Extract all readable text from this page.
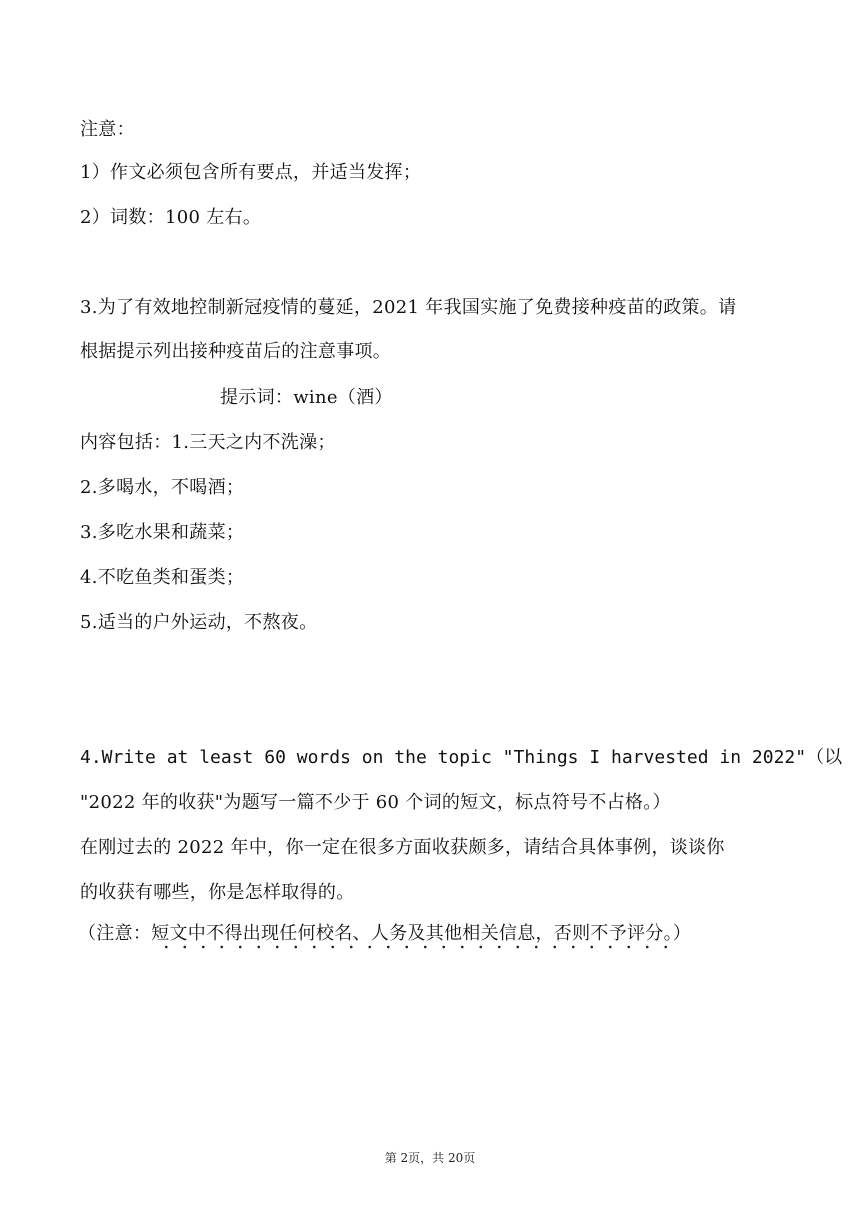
注意：
1）作文必须包含所有要点，并适当发挥；
2）词数：100 左右。
3.为了有效地控制新冠疫情的蔓延，2021 年我国实施了免费接种疫苗的政策。请
根据提示列出接种疫苗后的注意事项。
提示词：wine（酒）
内容包括：1.三天之内不洗澡；
2.多喝水，不喝酒；
3.多吃水果和蔬菜；
4.不吃鱼类和蛋类；
5.适当的户外运动，不熬夜。
4.Write at least 60 words on the topic "Things I harvested in 2022"（以
"2022 年的收获"为题写一篇不少于 60 个词的短文，标点符号不占格。）
在刚过去的 2022 年中，你一定在很多方面收获颇多，请结合具体事例，谈谈你
的收获有哪些，你是怎样取得的。
（注意：短文中不得出现任何校名、人务及其他相关信息，否则不予评分。）
第 2页，共 20页
